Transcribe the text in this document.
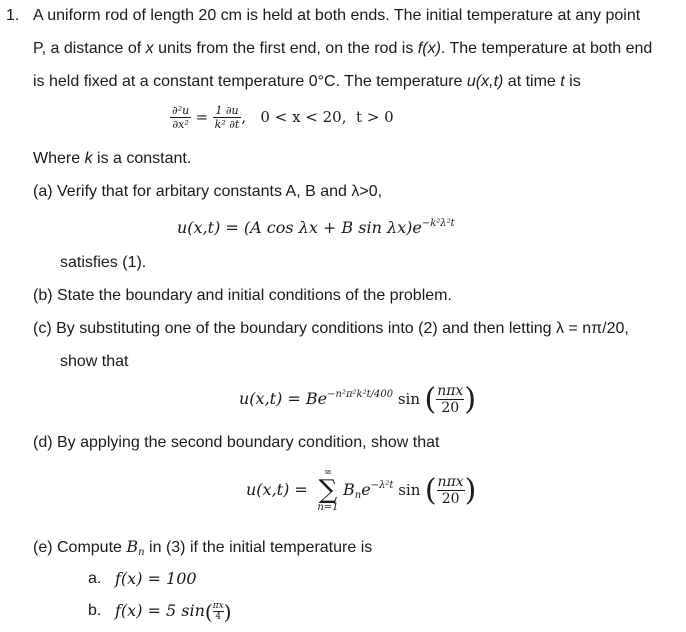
1. A uniform rod of length 20 cm is held at both ends. The initial temperature at any point
P, a distance of x units from the first end, on the rod is f(x). The temperature at both end
is held fixed at a constant temperature 0°C. The temperature u(x,t) at time t is
$\frac{\text{∂²u}}{\text{∂x²}} = \frac{1 \partial u}{\text{k² ∂t}}$ ,   0 < x < 20,  t > 0
Where k is a constant.
(a) Verify that for arbitary constants A, B and λ>0,
u(x,t) = (A cos λx + B $\sin \lambda x)e^{-k^2\lambda^2t}$
satisfies (1).
(b) State the boundary and initial conditions of the problem.
(c) By substituting one of the boundary conditions into (2) and then letting λ = nπ/20,
show that
$u(x,t) = Be^{-n^2\pi^2k^2t/400}$ sin ( $\frac{\text{nπx}}{20}$ )
(d) By applying the second boundary condition, show that
u(x,t) =
∞
∑
n=1
$B_ne^{-\lambda^2t}$ sin ( $\frac{\text{nπx}}{20}$ )
(e) Compute $B_n$ in (3) if the initial temperature is
a. f(x) = 100
b. f(x) = 5 $\sin( \frac{\pi x}{4}$ )
